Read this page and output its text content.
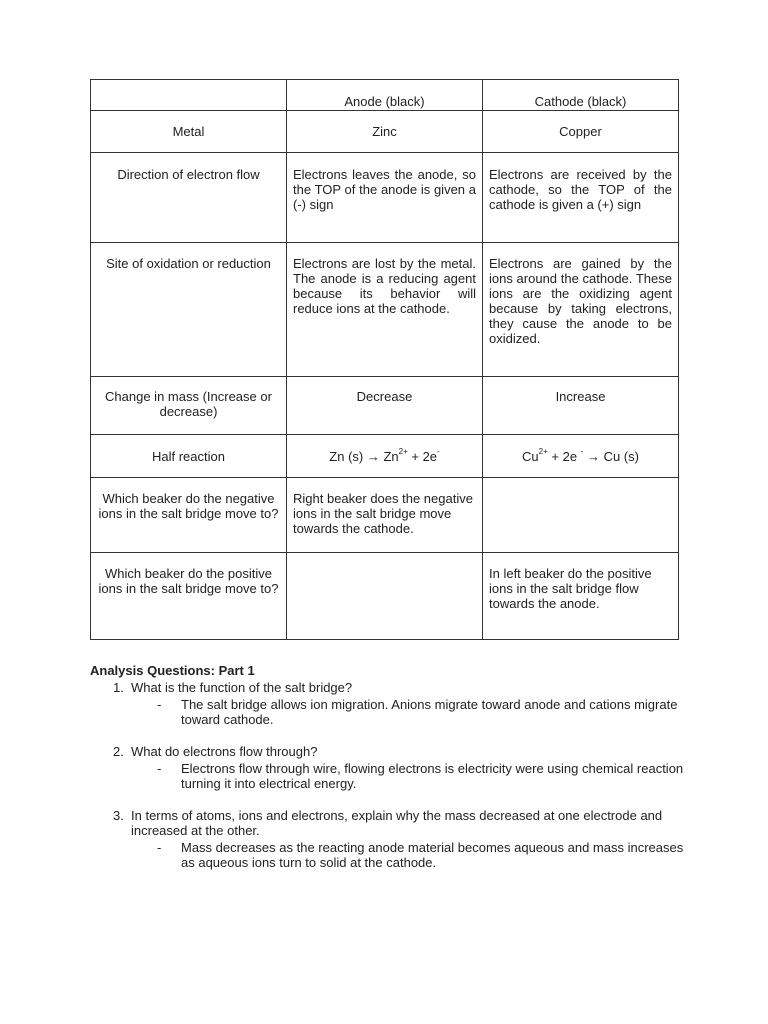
	Anode (black)	Cathode (black)
Metal	Zinc	Copper
Direction of electron flow	Electrons leaves the anode, so the TOP of the anode is given a (-) sign	Electrons are received by the cathode, so the TOP of the cathode is given a (+) sign
Site of oxidation or reduction	Electrons are lost by the metal. The anode is a reducing agent because its behavior will reduce ions at the cathode.	Electrons are gained by the ions around the cathode. These ions are the oxidizing agent because by taking electrons, they cause the anode to be oxidized.
Change in mass (Increase or decrease)	Decrease	Increase
Half reaction	Zn $(s) \to Zn^{2+} + 2e^-$	$Cu^{2+} + 2e$ - → Cu (s)
Which beaker do the negative ions in the salt bridge move to?	Right beaker does the negative ions in the salt bridge move towards the cathode.	
Which beaker do the positive ions in the salt bridge move to?		In left beaker do the positive ions in the salt bridge flow towards the anode.
Analysis Questions: Part 1
1. What is the function of the salt bridge?
- The salt bridge allows ion migration. Anions migrate toward anode and cations migrate toward cathode.
2. What do electrons flow through?
- Electrons flow through wire, flowing electrons is electricity were using chemical reaction turning it into electrical energy.
3. In terms of atoms, ions and electrons, explain why the mass decreased at one electrode and increased at the other.
- Mass decreases as the reacting anode material becomes aqueous and mass increases as aqueous ions turn to solid at the cathode.
